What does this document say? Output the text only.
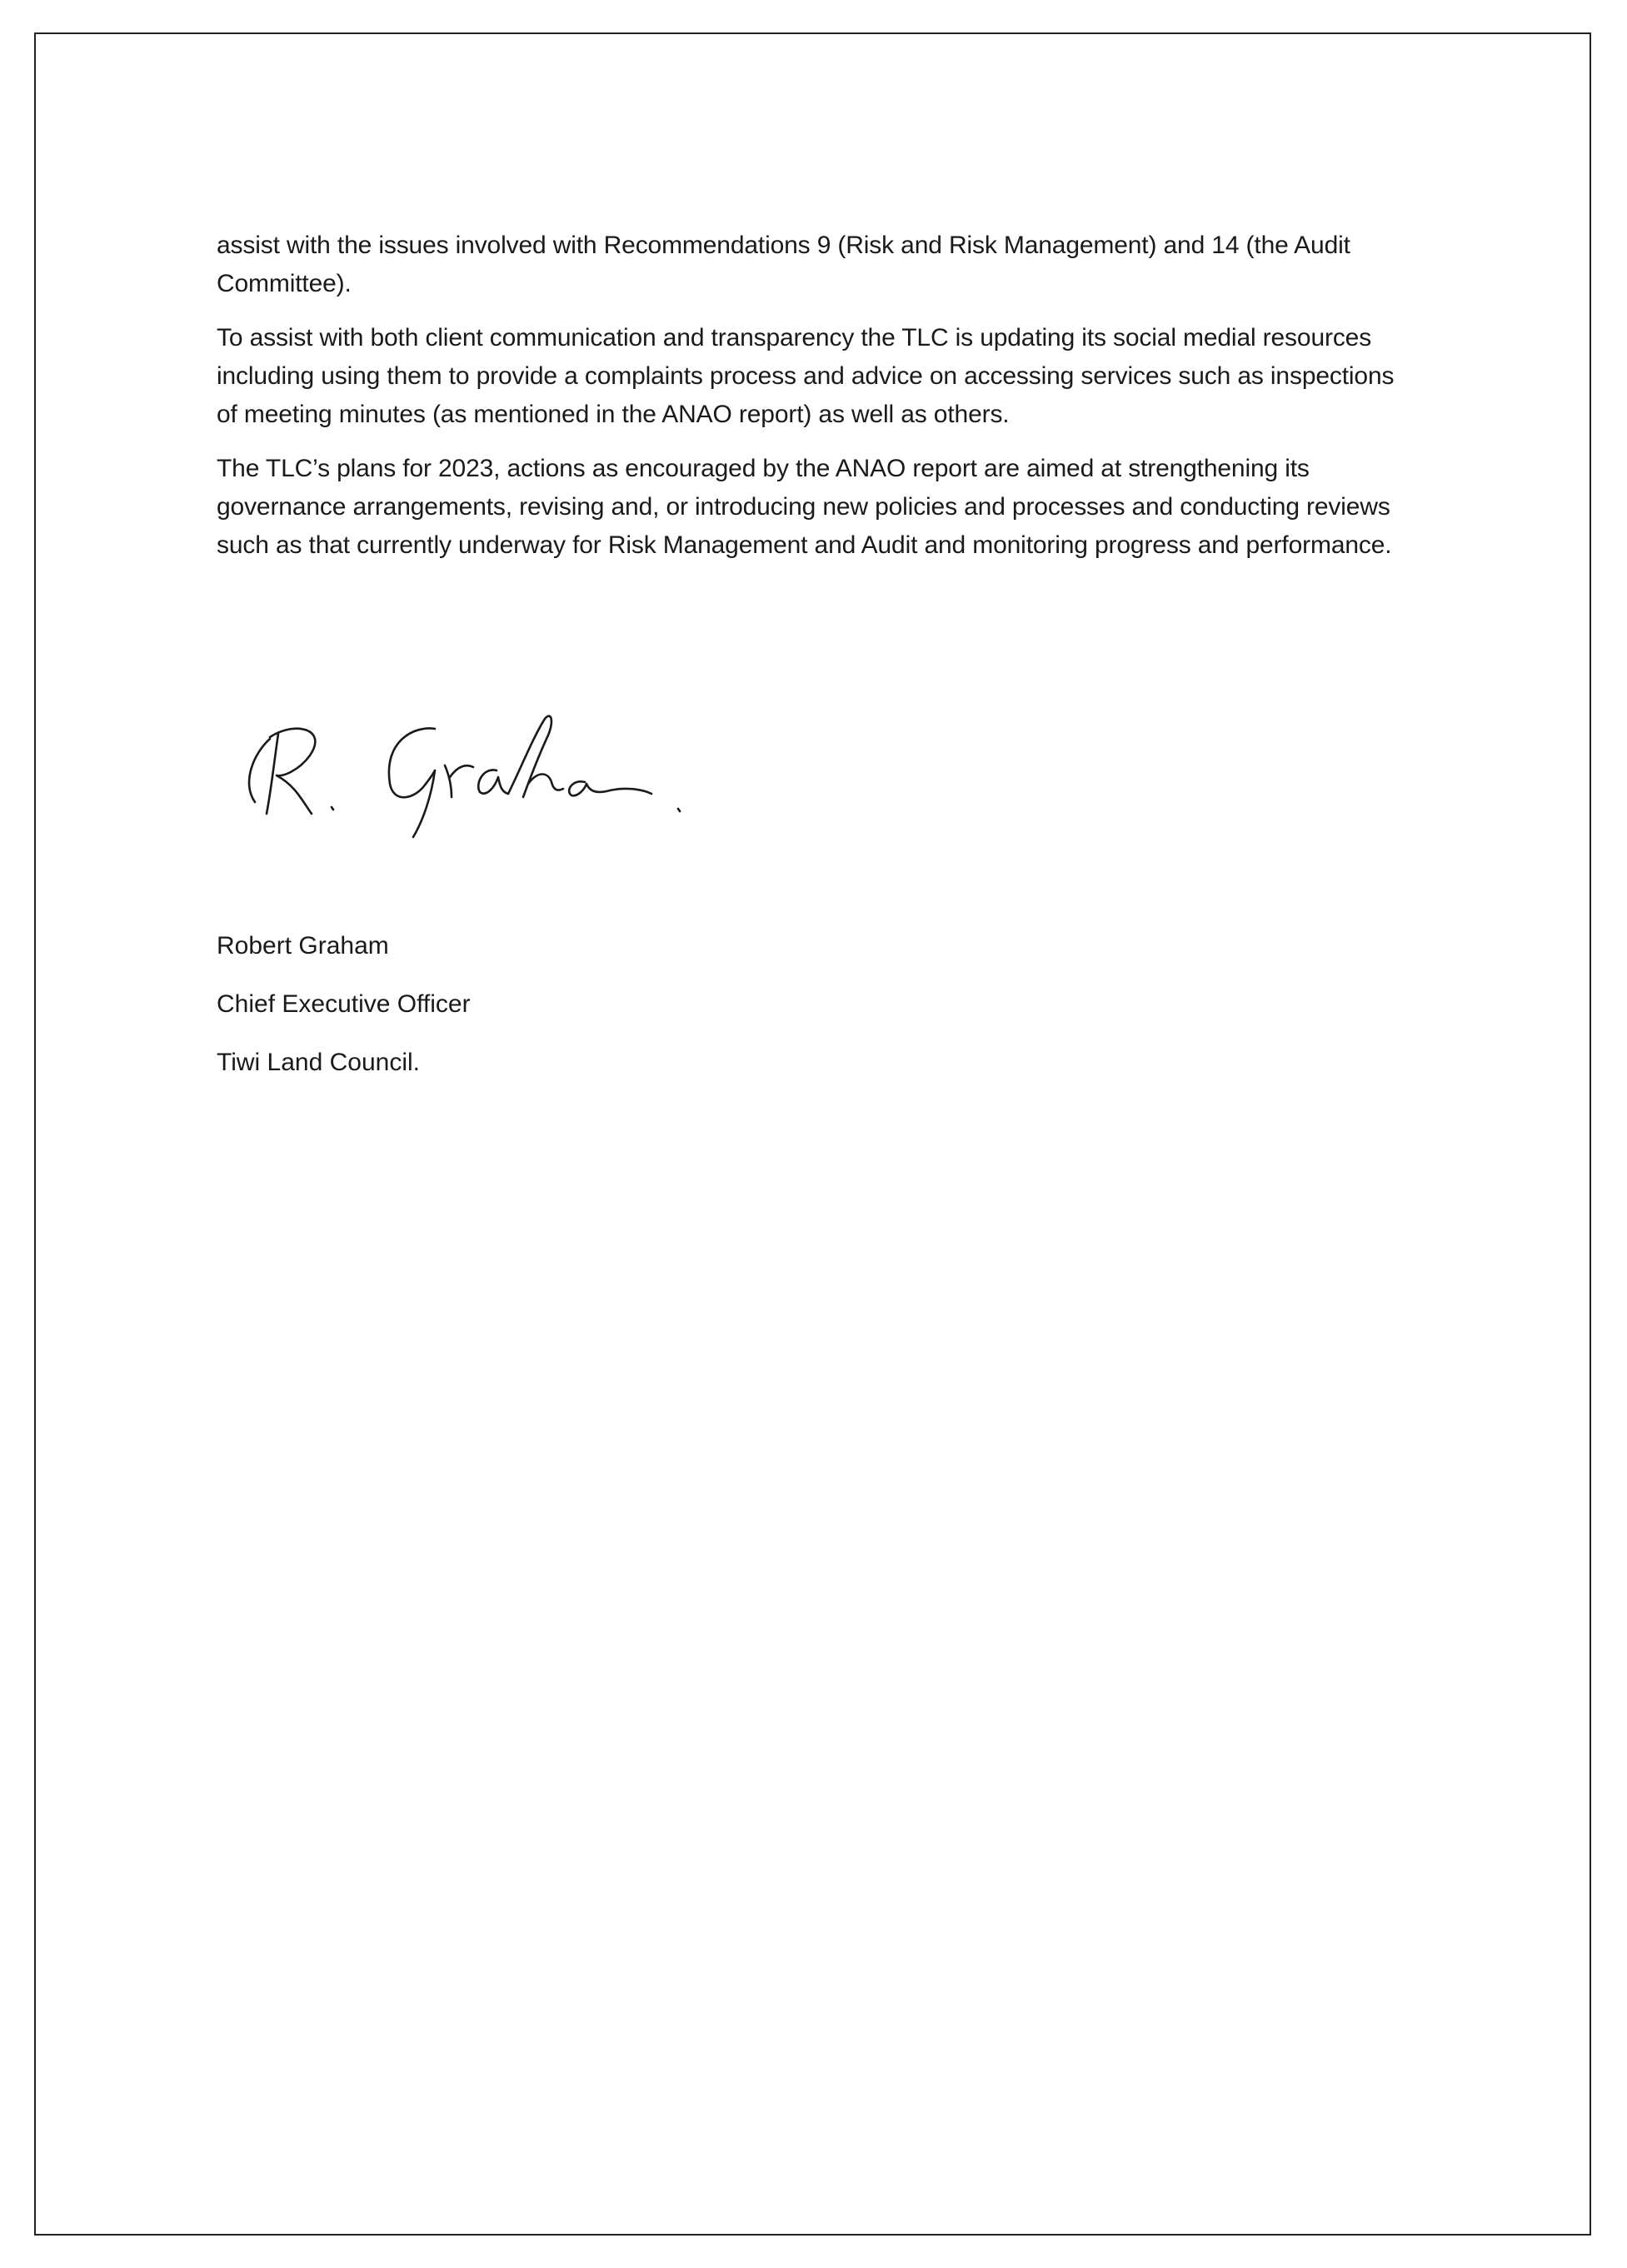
assist with the issues involved with Recommendations 9 (Risk and Risk Management) and 14 (the Audit Committee).

To assist with both client communication and transparency the TLC is updating its social medial resources including using them to provide a complaints process and advice on accessing services such as inspections of meeting minutes (as mentioned in the ANAO report) as well as others.

The TLC’s plans for 2023, actions as encouraged by the ANAO report are aimed at strengthening its governance arrangements, revising and, or introducing new policies and processes and conducting reviews such as that currently underway for Risk Management and Audit and monitoring progress and performance.

Robert Graham

Chief Executive Officer

Tiwi Land Council.
